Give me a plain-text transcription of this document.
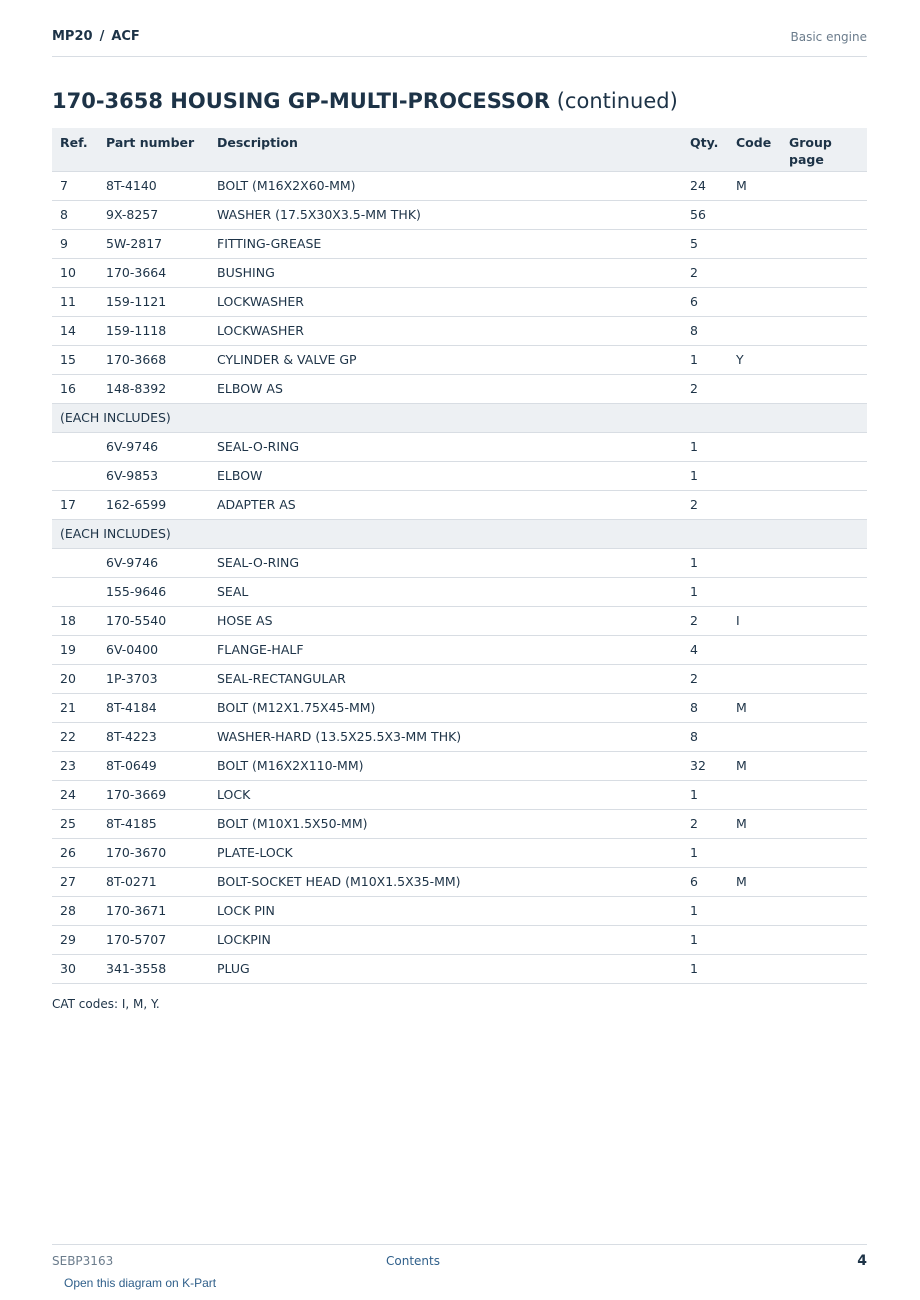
MP20 / ACF	Basic engine
170-3658 HOUSING GP-MULTI-PROCESSOR (continued)
Ref.	Part number	Description	Qty.	Code	Group page
7	8T-4140	BOLT (M16X2X60-MM)	24	M	
8	9X-8257	WASHER (17.5X30X3.5-MM THK)	56		
9	5W-2817	FITTING-GREASE	5		
10	170-3664	BUSHING	2		
11	159-1121	LOCKWASHER	6		
14	159-1118	LOCKWASHER	8		
15	170-3668	CYLINDER & VALVE GP	1	Y	
16	148-8392	ELBOW AS	2		
(EACH INCLUDES)					
	6V-9746	SEAL-O-RING	1		
	6V-9853	ELBOW	1		
17	162-6599	ADAPTER AS	2		
(EACH INCLUDES)					
	6V-9746	SEAL-O-RING	1		
	155-9646	SEAL	1		
18	170-5540	HOSE AS	2	I	
19	6V-0400	FLANGE-HALF	4		
20	1P-3703	SEAL-RECTANGULAR	2		
21	8T-4184	BOLT (M12X1.75X45-MM)	8	M	
22	8T-4223	WASHER-HARD (13.5X25.5X3-MM THK)	8		
23	8T-0649	BOLT (M16X2X110-MM)	32	M	
24	170-3669	LOCK	1		
25	8T-4185	BOLT (M10X1.5X50-MM)	2	M	
26	170-3670	PLATE-LOCK	1		
27	8T-0271	BOLT-SOCKET HEAD (M10X1.5X35-MM)	6	M	
28	170-3671	LOCK PIN	1		
29	170-5707	LOCKPIN	1		
30	341-3558	PLUG	1		
CAT codes: I, M, Y.
SEBP3163	Contents	4
Open this diagram on K-Part
